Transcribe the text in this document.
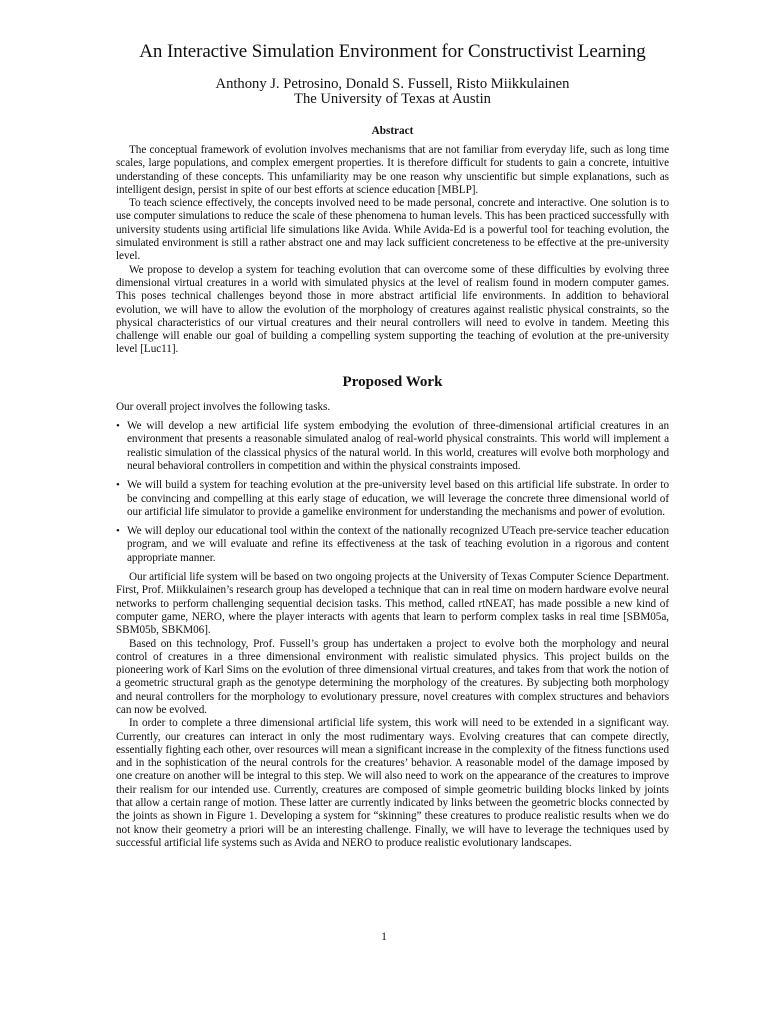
An Interactive Simulation Environment for Constructivist Learning

Anthony J. Petrosino, Donald S. Fussell, Risto Miikkulainen

The University of Texas at Austin

Abstract

The conceptual framework of evolution involves mechanisms that are not familiar from everyday life, such as long time scales, large populations, and complex emergent properties. It is therefore difficult for students to gain a concrete, intuitive understanding of these concepts. This unfamiliarity may be one reason why unscientific but simple explanations, such as intelligent design, persist in spite of our best efforts at science education [MBLP].

To teach science effectively, the concepts involved need to be made personal, concrete and interactive. One solution is to use computer simulations to reduce the scale of these phenomena to human levels. This has been practiced successfully with university students using artificial life simulations like Avida. While Avida-Ed is a powerful tool for teaching evolution, the simulated environment is still a rather abstract one and may lack sufficient concreteness to be effective at the pre-university level.

We propose to develop a system for teaching evolution that can overcome some of these difficulties by evolving three dimensional virtual creatures in a world with simulated physics at the level of realism found in modern computer games. This poses technical challenges beyond those in more abstract artificial life environments. In addition to behavioral evolution, we will have to allow the evolution of the morphology of creatures against realistic physical constraints, so the physical characteristics of our virtual creatures and their neural controllers will need to evolve in tandem. Meeting this challenge will enable our goal of building a compelling system supporting the teaching of evolution at the pre-university level [Luc11].

Proposed Work

Our overall project involves the following tasks.

• We will develop a new artificial life system embodying the evolution of three-dimensional artificial creatures in an environment that presents a reasonable simulated analog of real-world physical constraints. This world will implement a realistic simulation of the classical physics of the natural world. In this world, creatures will evolve both morphology and neural behavioral controllers in competition and within the physical constraints imposed.

• We will build a system for teaching evolution at the pre-university level based on this artificial life substrate. In order to be convincing and compelling at this early stage of education, we will leverage the concrete three dimensional world of our artificial life simulator to provide a gamelike environment for understanding the mechanisms and power of evolution.

• We will deploy our educational tool within the context of the nationally recognized UTeach pre-service teacher education program, and we will evaluate and refine its effectiveness at the task of teaching evolution in a rigorous and content appropriate manner.

Our artificial life system will be based on two ongoing projects at the University of Texas Computer Science Department. First, Prof. Miikkulainen’s research group has developed a technique that can in real time on modern hardware evolve neural networks to perform challenging sequential decision tasks. This method, called rtNEAT, has made possible a new kind of computer game, NERO, where the player interacts with agents that learn to perform complex tasks in real time [SBM05a, SBM05b, SBKM06].

Based on this technology, Prof. Fussell’s group has undertaken a project to evolve both the morphology and neural control of creatures in a three dimensional environment with realistic simulated physics. This project builds on the pioneering work of Karl Sims on the evolution of three dimensional virtual creatures, and takes from that work the notion of a geometric structural graph as the genotype determining the morphology of the creatures. By subjecting both morphology and neural controllers for the morphology to evolutionary pressure, novel creatures with complex structures and behaviors can now be evolved.

In order to complete a three dimensional artificial life system, this work will need to be extended in a significant way. Currently, our creatures can interact in only the most rudimentary ways. Evolving creatures that can compete directly, essentially fighting each other, over resources will mean a significant increase in the complexity of the fitness functions used and in the sophistication of the neural controls for the creatures’ behavior. A reasonable model of the damage imposed by one creature on another will be integral to this step. We will also need to work on the appearance of the creatures to improve their realism for our intended use. Currently, creatures are composed of simple geometric building blocks linked by joints that allow a certain range of motion. These latter are currently indicated by links between the geometric blocks connected by the joints as shown in Figure 1. Developing a system for “skinning” these creatures to produce realistic results when we do not know their geometry a priori will be an interesting challenge. Finally, we will have to leverage the techniques used by successful artificial life systems such as Avida and NERO to produce realistic evolutionary landscapes.

1
